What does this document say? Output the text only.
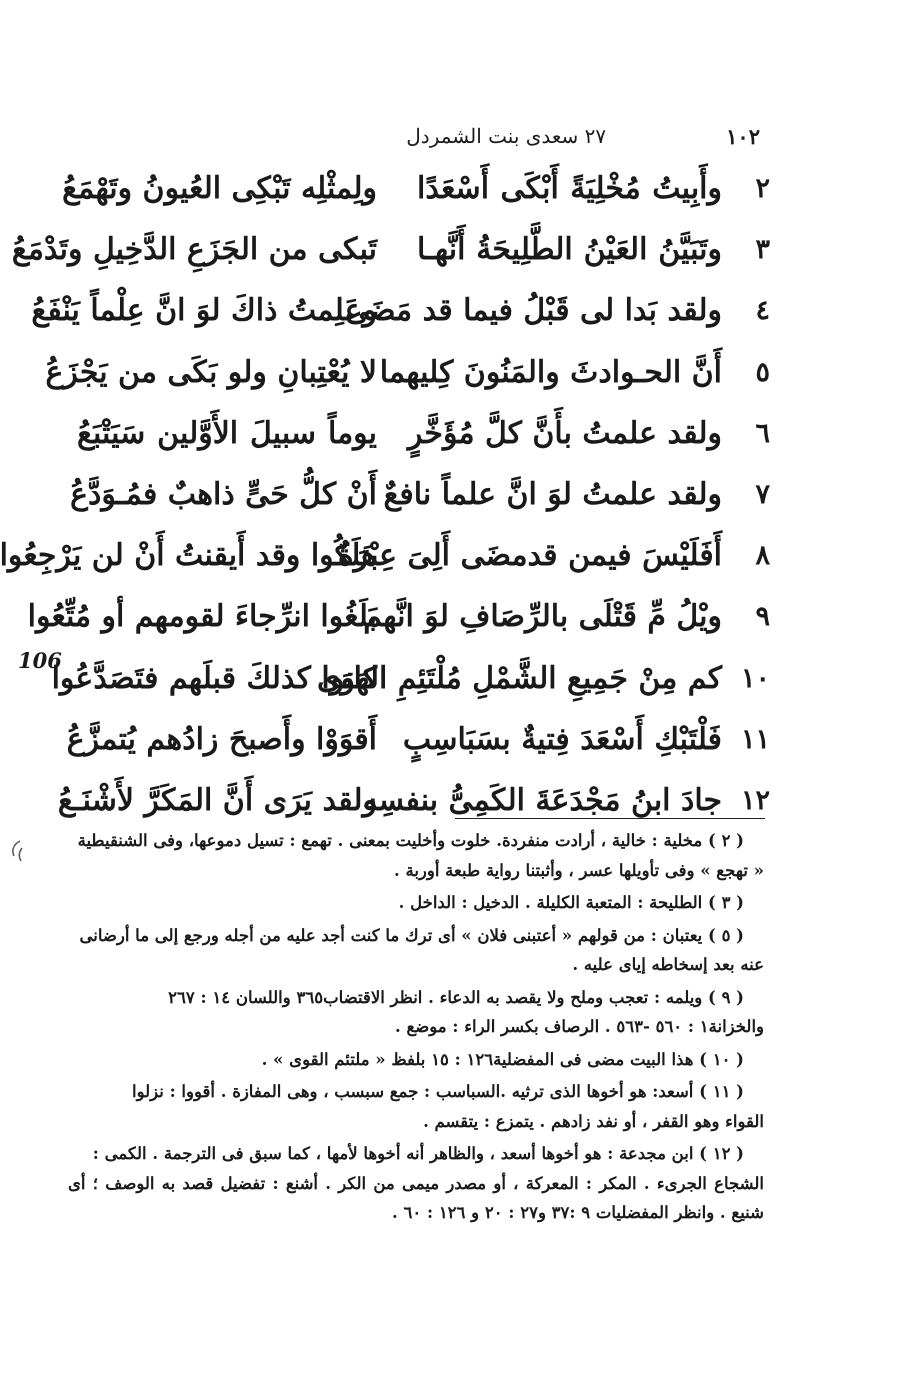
١٠٢
٢٧ سعدى بنت الشمردل
٢
وأَبِيتُ مُخْلِيَةً أَبْكَى أَسْعَدًا
ولِمثْلِه تَبْكِى العُيونُ وتَهْمَعُ
٣
وتَبَيَّنُ العَيْنُ الطَّلِيحَةُ أَنَّهـا
تَبكى من الجَزَعِ الدَّخِيلِ وتَدْمَعُ
٤
ولقد بَدا لى قَبْلُ فيما قد مَضَى
وعَلِمتُ ذاكَ لوَ انَّ عِلْماً يَنْفَعُ
٥
أَنَّ الحـوادثَ والمَنُونَ كِليهما
لا يُعْتِبانِ ولو بَكَى من يَجْزَعُ
٦
ولقد علمتُ بأَنَّ كلَّ مُؤَخَّرٍ
يوماً سبيلَ الأَوَّلين سَيَتْبَعُ
٧
ولقد علمتُ لوَ انَّ علماً نافعٌ
أَنْ كلُّ حَىٍّ ذاهبٌ فمُـوَدَّعُ
٨
أَفَلَيْسَ فيمن قدمضَى أَلِىَ عِبْرَةٌ
هَلَكُوا وقد أَيقنتُ أَنْ لن يَرْجِعُوا
٩
ويْلُ مِّ قَتْلَى بالرِّصَافِ لوَ انَّهم
بَلَغُوا انرِّجاءَ لقومهم أو مُتِّعُوا
١٠
كم مِنْ جَمِيعِ الشَّمْلِ مُلْتَئِمِ الهَوَى
كانوا كذلكَ قبلَهم فتَصَدَّعُوا
١١
فَلْتَبْكِ أَسْعَدَ فِتيةٌ بسَبَاسِبٍ
أَقوَوْا وأَصبحَ زادُهم يُتمزَّعُ
١٢
جادَ ابنُ مَجْدَعَةَ الكَمِىُّ بنفسِه
ولقد يَرَى أَنَّ المَكَرَّ لأَشْنَـعُ
106

( ٢ ) مخلية : خالية ، أرادت منفردة. خلوت وأخليت بمعنى . تهمع : تسيل دموعها، وفى الشنقيطية

« تهجع » وفى تأويلها عسر ، وأثبتنا رواية طبعة أوربة .

( ٣ ) الطليحة : المتعبة الكليلة . الدخيل : الداخل .

( ٥ ) يعتبان : من قولهم « أعتبنى فلان » أى ترك ما كنت أجد عليه من أجله ورجع إلى ما أرضانى

عنه بعد إسخاطه إياى عليه .

( ٩ ) ويلمه : تعجب وملح ولا يقصد به الدعاء . انظر الاقتضاب٣٦٥ واللسان ١٤ : ٢٦٧

والخزانة١ : ٥٦٠ -٥٦٣ . الرصاف بكسر الراء : موضع .

( ١٠ ) هذا البيت مضى فى المفضلية١٢٦ : ١٥ بلفظ « ملتئم القوى » .

( ١١ ) أسعد: هو أخوها الذى ترثيه .السباسب : جمع سبسب ، وهى المفازة . أقووا : نزلوا

القواء وهو القفر ، أو نفد زادهم . يتمزع : يتقسم .

( ١٢ ) ابن مجدعة : هو أخوها أسعد ، والظاهر أنه أخوها لأمها ، كما سبق فى الترجمة . الكمى :

الشجاع الجرىء . المكر : المعركة ، أو مصدر ميمى من الكر . أشنع : تفضيل قصد به الوصف ؛ أى شنيع . وانظر المفضليات ٩ :٣٧ و٢٧ : ٢٠ و ١٢٦ : ٦٠ .
